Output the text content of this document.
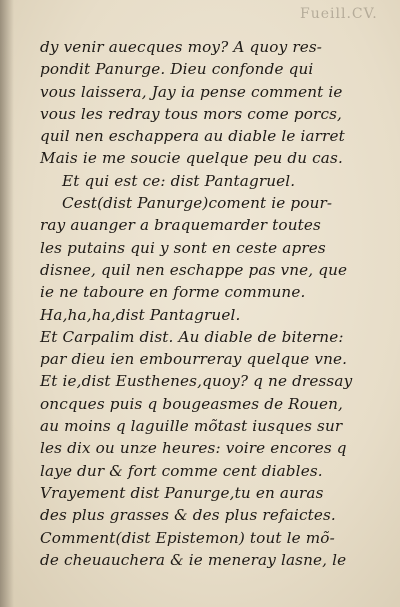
Fueill.CV.
dy venir auecques moy? A quoy res-
pondit Panurge. Dieu confonde qui
vous laissera, Jay ia pense comment ie
vous les redray tous mors come porcs,
quil nen eschappera au diable le iarret
Mais ie me soucie quelque peu du cas.
Et qui est ce: dist Pantagruel.
Cest(dist Panurge)coment ie pour-
ray auanger a braquemarder toutes
les putains qui y sont en ceste apres
disnee, quil nen eschappe pas vne, que
ie ne taboure en forme commune.
Ha,ha,ha,dist Pantagruel.
Et Carpalim dist. Au diable de biterne:
par dieu ien embourreray quelque vne.
Et ie,dist Eusthenes,quoy? q ne dressay
oncques puis q bougeasmes de Rouen,
au moins q laguille mõtast iusques sur
les dix ou unze heures: voire encores q
laye dur & fort comme cent diables.
Vrayement dist Panurge,tu en auras
des plus grasses & des plus refaictes.
Comment(dist Epistemon) tout le mõ-
de cheuauchera & ie meneray lasne, le
